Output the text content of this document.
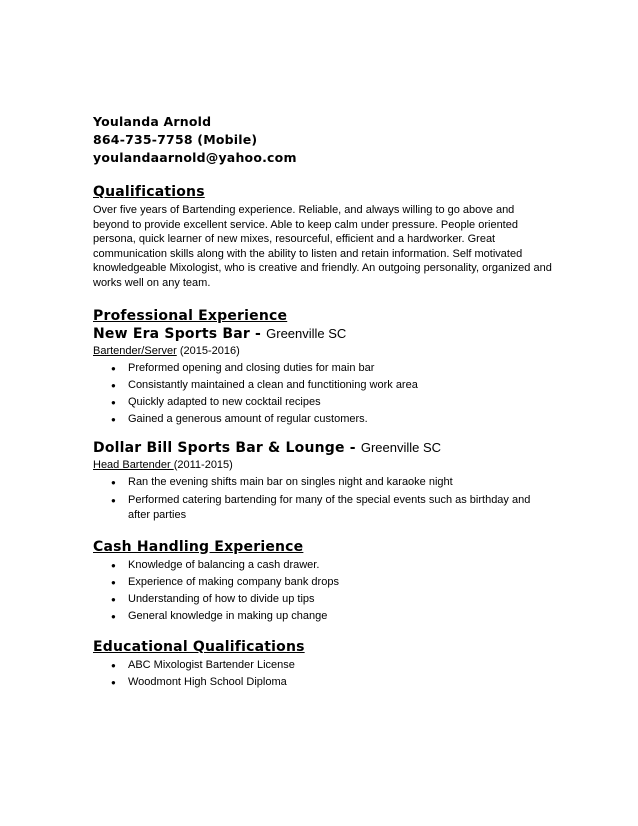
Youlanda Arnold
864-735-7758 (Mobile)
youlandaarnold@yahoo.com
Qualifications
Over five years of Bartending experience. Reliable, and always willing to go above and beyond to provide excellent service. Able to keep calm under pressure. People oriented persona, quick learner of new mixes, resourceful, efficient and a hardworker. Great communication skills along with the ability to listen and retain information. Self motivated knowledgeable Mixologist, who is creative and friendly. An outgoing personality, organized and works well on any team.
Professional Experience
New Era Sports Bar - Greenville SC
Bartender/Server (2015-2016)
● Preformed opening and closing duties for main bar
● Consistantly maintained a clean and functitioning work area
● Quickly adapted to new cocktail recipes
● Gained a generous amount of regular customers.
Dollar Bill Sports Bar & Lounge - Greenville SC
Head Bartender (2011-2015)
● Ran the evening shifts main bar on singles night and karaoke night
● Performed catering bartending for many of the special events such as birthday and after parties
Cash Handling Experience
● Knowledge of balancing a cash drawer.
● Experience of making company bank drops
● Understanding of how to divide up tips
● General knowledge in making up change
Educational Qualifications
● ABC Mixologist Bartender License
● Woodmont High School Diploma
